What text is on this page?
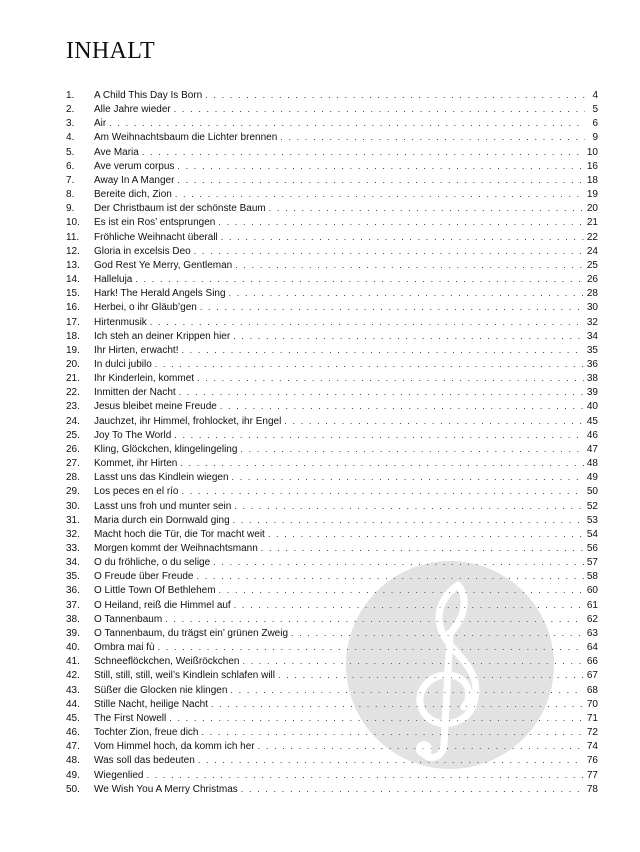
INHALT
1.	A Child This Day Is Born . . .	4
2.	Alle Jahre wieder . . .	5
3.	Air . . .	6
4.	Am Weihnachtsbaum die Lichter brennen . . .	9
5.	Ave Maria . . .	10
6.	Ave verum corpus . . .	16
7.	Away In A Manger . . .	18
8.	Bereite dich, Zion . . .	19
9.	Der Christbaum ist der schönste Baum . . .	20
10.	Es ist ein Ros’ entsprungen . . .	21
11.	Fröhliche Weihnacht überall . . .	22
12.	Gloria in excelsis Deo . . .	24
13.	God Rest Ye Merry, Gentleman . . .	25
14.	Halleluja . . .	26
15.	Hark! The Herald Angels Sing . . .	28
16.	Herbei, o ihr Gläub’gen . . .	30
17.	Hirtenmusik . . .	32
18.	Ich steh an deiner Krippen hier . . .	34
19.	Ihr Hirten, erwacht! . . .	35
20.	In dulci jubilo . . .	36
21.	Ihr Kinderlein, kommet . . .	38
22.	Inmitten der Nacht . . .	39
23.	Jesus bleibet meine Freude . . .	40
24.	Jauchzet, ihr Himmel, frohlocket, ihr Engel . . .	45
25.	Joy To The World . . .	46
26.	Kling, Glöckchen, klingelingeling . . .	47
27.	Kommet, ihr Hirten . . .	48
28.	Lasst uns das Kindlein wiegen . . .	49
29.	Los peces en el río . . .	50
30.	Lasst uns froh und munter sein . . .	52
31.	Maria durch ein Dornwald ging . . .	53
32.	Macht hoch die Tür, die Tor macht weit . . .	54
33.	Morgen kommt der Weihnachtsmann . . .	56
34.	O du fröhliche, o du selige . . .	57
35.	O Freude über Freude . . .	58
36.	O Little Town Of Bethlehem . . .	60
37.	O Heiland, reiß die Himmel auf . . .	61
38.	O Tannenbaum . . .	62
39.	O Tannenbaum, du trägst ein’ grünen Zweig . . .	63
40.	Ombra mai fù . . .	64
41.	Schneeflöckchen, Weißröckchen . . .	66
42.	Still, still, still, weil’s Kindlein schlafen will . . .	67
43.	Süßer die Glocken nie klingen . . .	68
44.	Stille Nacht, heilige Nacht . . .	70
45.	The First Nowell . . .	71
46.	Tochter Zion, freue dich . . .	72
47.	Vom Himmel hoch, da komm ich her . . .	74
48.	Was soll das bedeuten . . .	76
49.	Wiegenlied . . .	77
50.	We Wish You A Merry Christmas . . .	78
